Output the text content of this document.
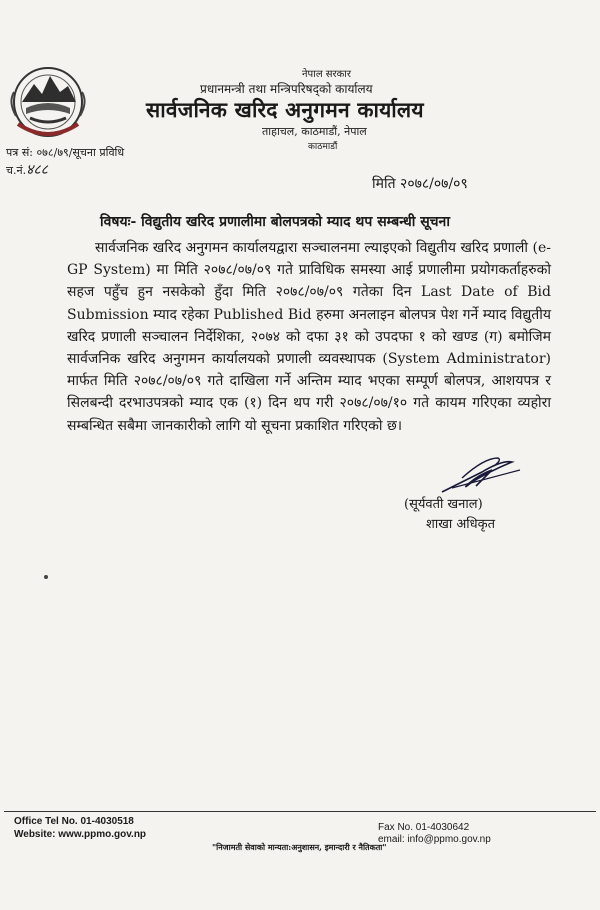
नेपाल सरकार
प्रधानमन्त्री तथा मन्त्रिपरिषद्‌को कार्यालय
सार्वजनिक खरिद अनुगमन कार्यालय
ताहाचल, काठमाडौं, नेपाल
काठमाडौं
पत्र सं: ०७८/७९/सूचना प्रविधि
च.नं.४८८
मिति २०७८/०७/०९
विषयः- विद्युतीय खरिद प्रणालीमा बोलपत्रको म्याद थप सम्बन्धी सूचना
सार्वजनिक खरिद अनुगमन कार्यालयद्वारा सञ्चालनमा ल्याइएको विद्युतीय खरिद प्रणाली (e-GP System) मा मिति २०७८/०७/०९ गते प्राविधिक समस्या आई प्रणालीमा प्रयोगकर्ताहरुको सहज पहुँच हुन नसकेको हुँदा मिति २०७८/०७/०९ गतेका दिन Last Date of Bid Submission म्याद रहेका Published Bid हरुमा अनलाइन बोलपत्र पेश गर्ने म्याद विद्युतीय खरिद प्रणाली सञ्चालन निर्देशिका, २०७४ को दफा ३१ को उपदफा १ को खण्ड (ग) बमोजिम सार्वजनिक खरिद अनुगमन कार्यालयको प्रणाली व्यवस्थापक (System Administrator) मार्फत मिति २०७८/०७/०९ गते दाखिला गर्ने अन्तिम म्याद भएका सम्पूर्ण बोलपत्र, आशयपत्र र सिलबन्दी दरभाउपत्रको म्याद एक (१) दिन थप गरी २०७८/०७/१० गते कायम गरिएका व्यहोरा सम्बन्धित सबैमा जानकारीको लागि यो सूचना प्रकाशित गरिएको छ।
(सूर्यवती खनाल)
शाखा अधिकृत
Office Tel No. 01-4030518
Website: www.ppmo.gov.np
Fax No. 01-4030642
email: info@ppmo.gov.np
"निजामती सेवाको मान्यता:अनुशासन, इमान्दारी र नैतिकता"
